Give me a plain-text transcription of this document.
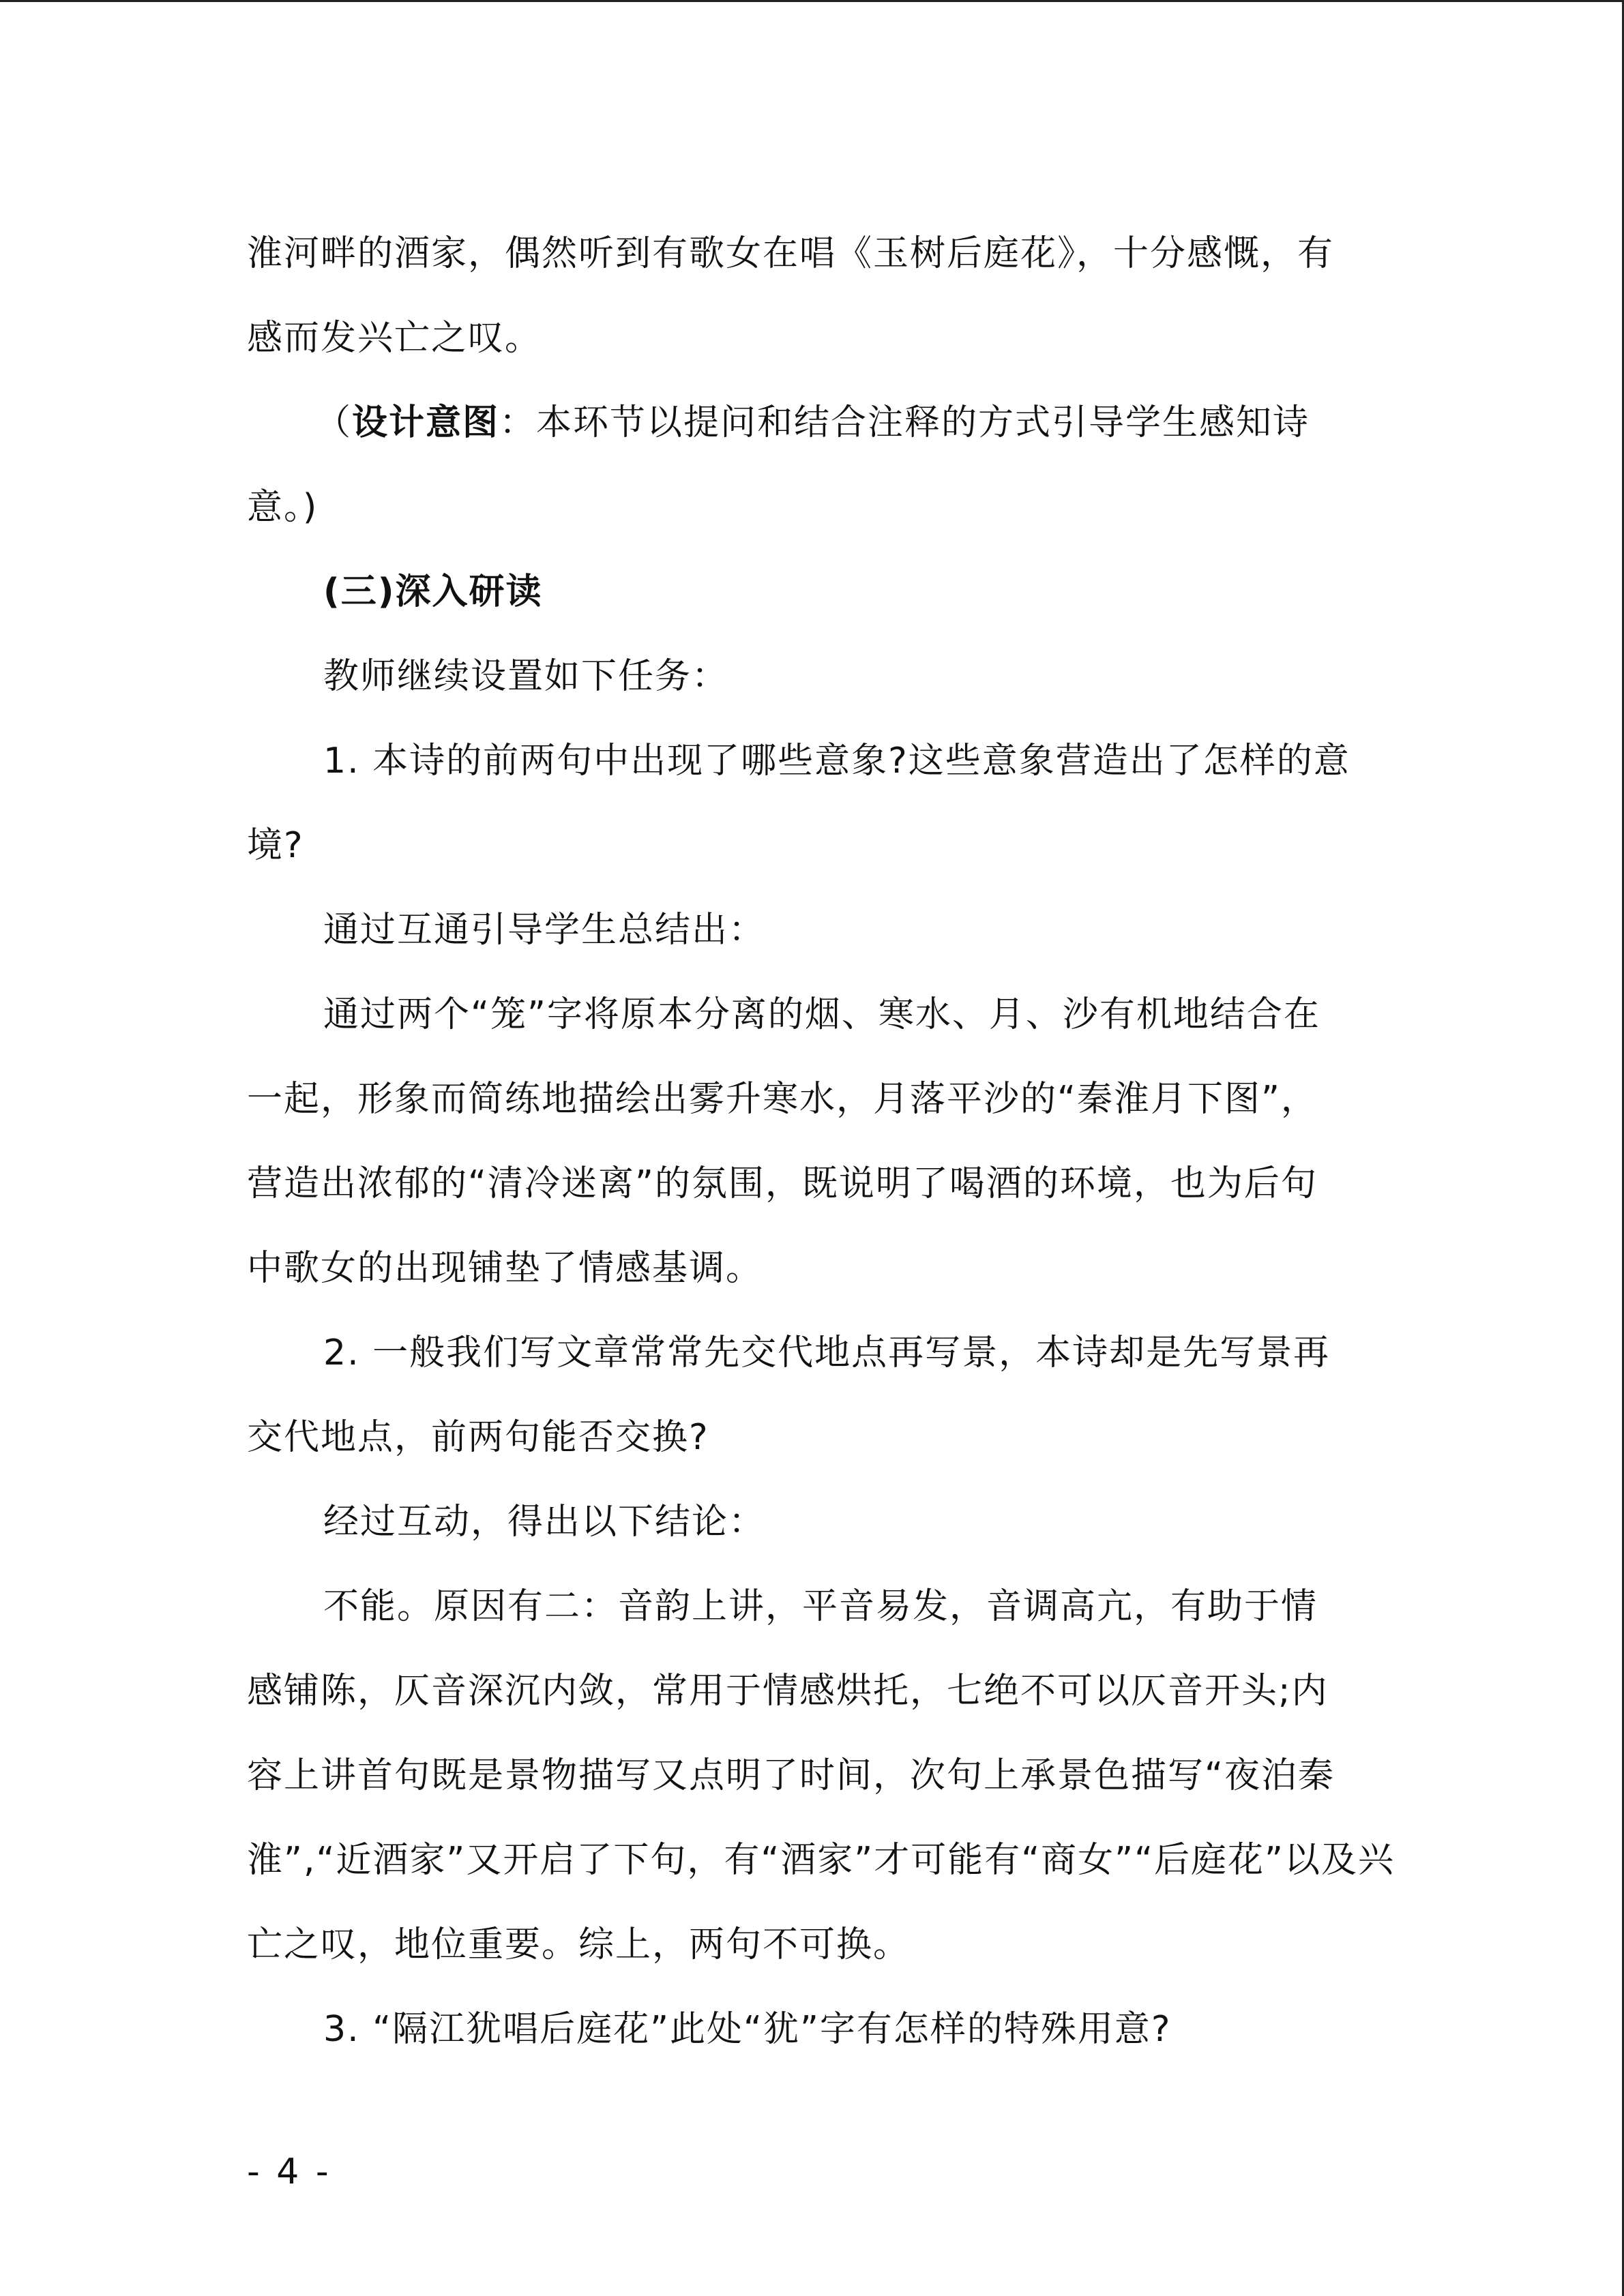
淮河畔的酒家，偶然听到有歌女在唱《玉树后庭花》，十分感慨，有
感而发兴亡之叹。
（设计意图：本环节以提问和结合注释的方式引导学生感知诗
意。)
(三)深入研读
教师继续设置如下任务：
1. 本诗的前两句中出现了哪些意象?这些意象营造出了怎样的意
境?
通过互通引导学生总结出：
通过两个“笼”字将原本分离的烟、寒水、月、沙有机地结合在
一起，形象而简练地描绘出雾升寒水，月落平沙的“秦淮月下图”，
营造出浓郁的“清冷迷离”的氛围，既说明了喝酒的环境，也为后句
中歌女的出现铺垫了情感基调。
2. 一般我们写文章常常先交代地点再写景，本诗却是先写景再
交代地点，前两句能否交换?
经过互动，得出以下结论：
不能。原因有二：音韵上讲，平音易发，音调高亢，有助于情
感铺陈，仄音深沉内敛，常用于情感烘托，七绝不可以仄音开头;内
容上讲首句既是景物描写又点明了时间，次句上承景色描写“夜泊秦
淮”,“近酒家”又开启了下句，有“酒家”才可能有“商女”“后庭花”以及兴
亡之叹，地位重要。综上，两句不可换。
3. “隔江犹唱后庭花”此处“犹”字有怎样的特殊用意?
- 4 -
